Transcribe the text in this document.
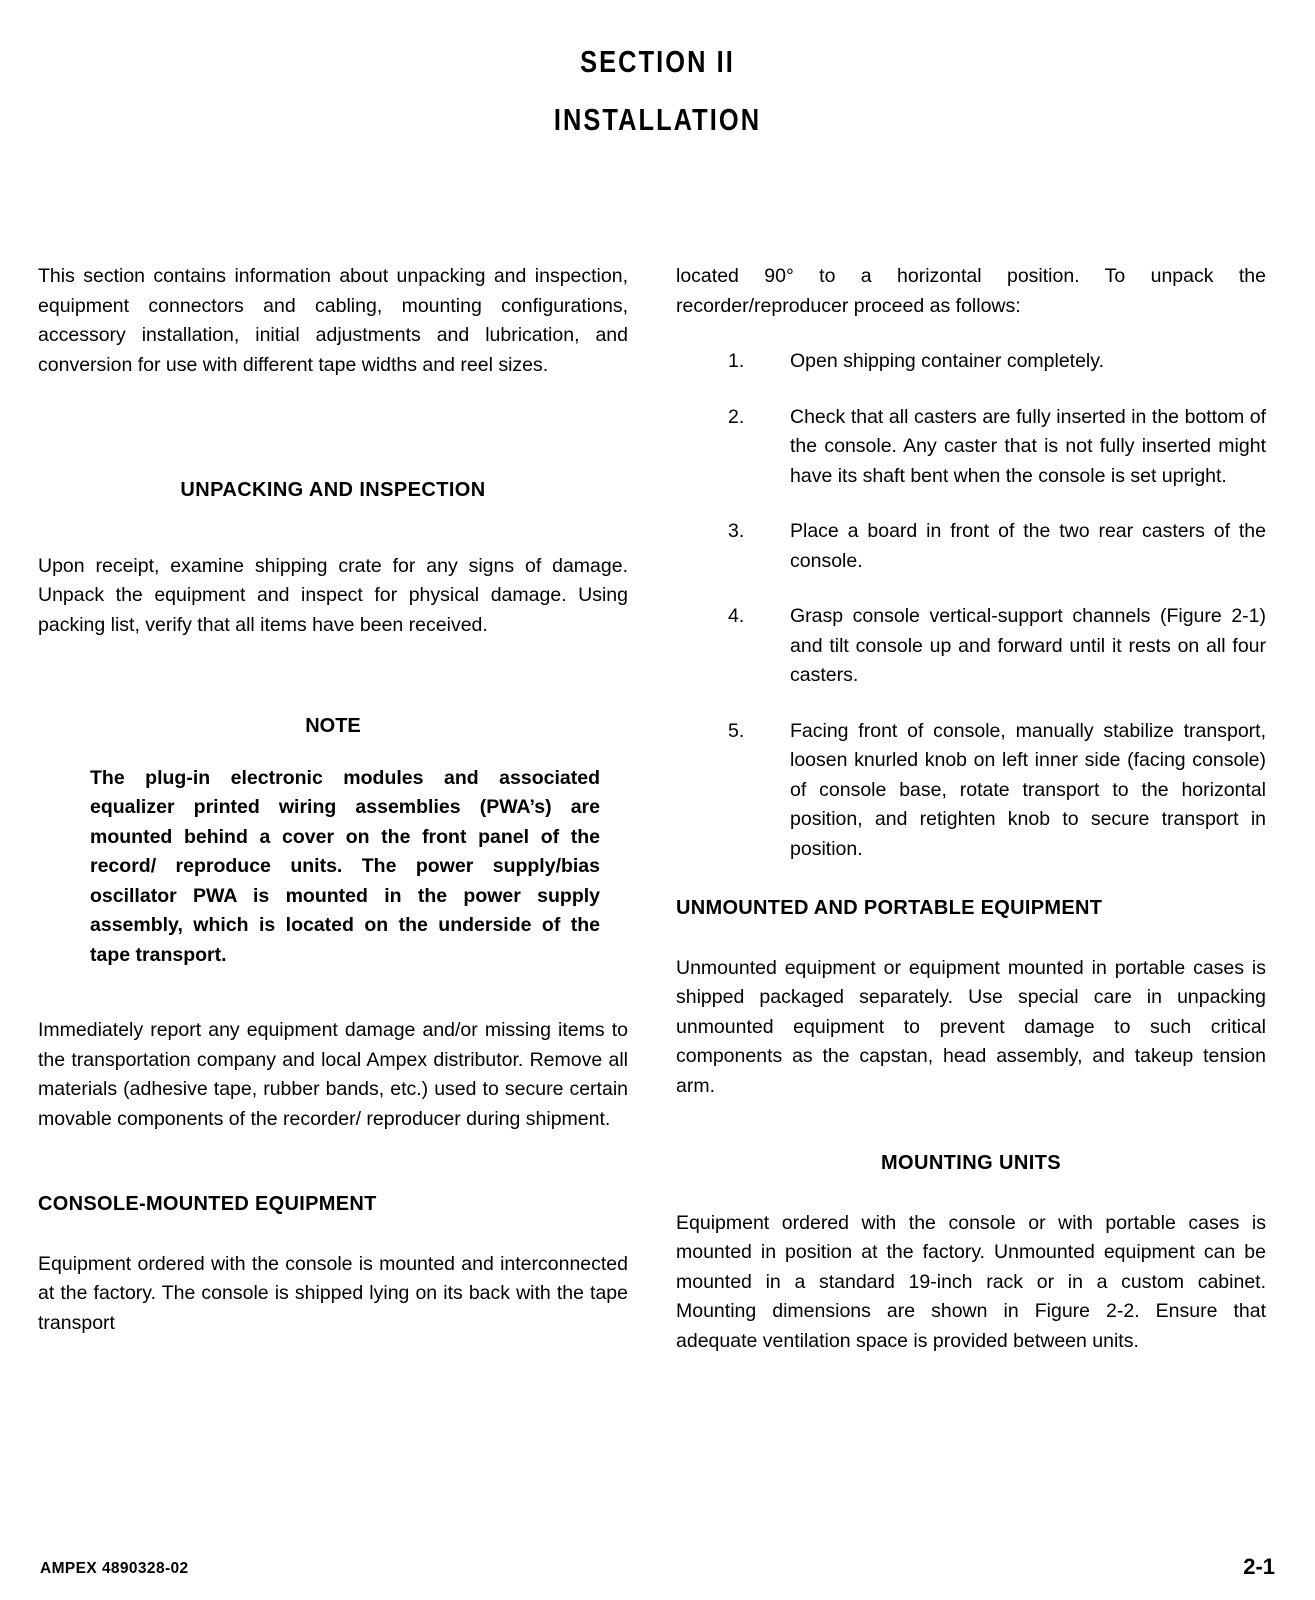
SECTION II
INSTALLATION

This section contains information about unpacking and inspection, equipment connectors and cabling, mounting configurations, accessory installation, initial adjustments and lubrication, and conversion for use with different tape widths and reel sizes.

UNPACKING AND INSPECTION

Upon receipt, examine shipping crate for any signs of damage. Unpack the equipment and inspect for physical damage. Using packing list, verify that all items have been received.

NOTE

The plug-in electronic modules and associated equalizer printed wiring assemblies (PWA’s) are mounted behind a cover on the front panel of the record/ reproduce units. The power supply/bias oscillator PWA is mounted in the power supply assembly, which is located on the underside of the tape transport.

Immediately report any equipment damage and/or missing items to the transportation company and local Ampex distributor. Remove all materials (adhesive tape, rubber bands, etc.) used to secure certain movable components of the recorder/ reproducer during shipment.

CONSOLE-MOUNTED EQUIPMENT

Equipment ordered with the console is mounted and interconnected at the factory. The console is shipped lying on its back with the tape transport

located 90° to a horizontal position. To unpack the recorder/reproducer proceed as follows:

1. Open shipping container completely.
2. Check that all casters are fully inserted in the bottom of the console. Any caster that is not fully inserted might have its shaft bent when the console is set upright.
3. Place a board in front of the two rear casters of the console.
4. Grasp console vertical-support channels (Figure 2-1) and tilt console up and forward until it rests on all four casters.
5. Facing front of console, manually stabilize transport, loosen knurled knob on left inner side (facing console) of console base, rotate transport to the horizontal position, and retighten knob to secure transport in position.
UNMOUNTED AND PORTABLE EQUIPMENT

Unmounted equipment or equipment mounted in portable cases is shipped packaged separately. Use special care in unpacking unmounted equipment to prevent damage to such critical components as the capstan, head assembly, and takeup tension arm.

MOUNTING UNITS

Equipment ordered with the console or with portable cases is mounted in position at the factory. Unmounted equipment can be mounted in a standard 19-inch rack or in a custom cabinet. Mounting dimensions are shown in Figure 2-2. Ensure that adequate ventilation space is provided between units.

AMPEX 4890328-02	2-1
